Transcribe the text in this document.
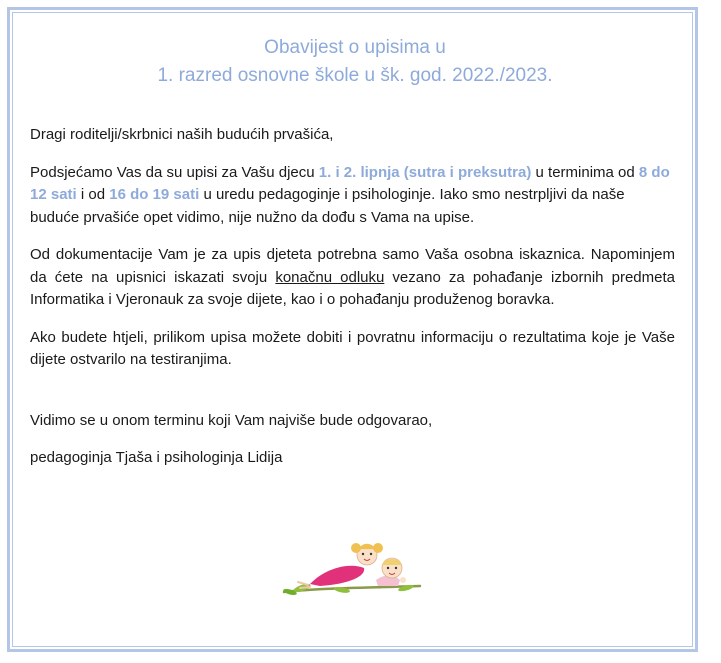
Obavijest o upisima u
1. razred osnovne škole u šk. god. 2022./2023.

Dragi roditelji/skrbnici naših budućih prvašića,

Podsjećamo Vas da su upisi za Vašu djecu 1. i 2. lipnja (sutra i preksutra) u terminima od 8 do 12 sati i od 16 do 19 sati u uredu pedagoginje i psihologinje. Iako smo nestrpljivi da naše buduće prvašiće opet vidimo, nije nužno da dođu s Vama na upise.

Od dokumentacije Vam je za upis djeteta potrebna samo Vaša osobna iskaznica. Napominjem da ćete na upisnici iskazati svoju konačnu odluku vezano za pohađanje izbornih predmeta Informatika i Vjeronauk za svoje dijete, kao i o pohađanju produženog boravka.

Ako budete htjeli, prilikom upisa možete dobiti i povratnu informaciju o rezultatima koje je Vaše dijete ostvarilo na testiranjima.

Vidimo se u onom terminu koji Vam najviše bude odgovarao,

pedagoginja Tjaša i psihologinja Lidija
